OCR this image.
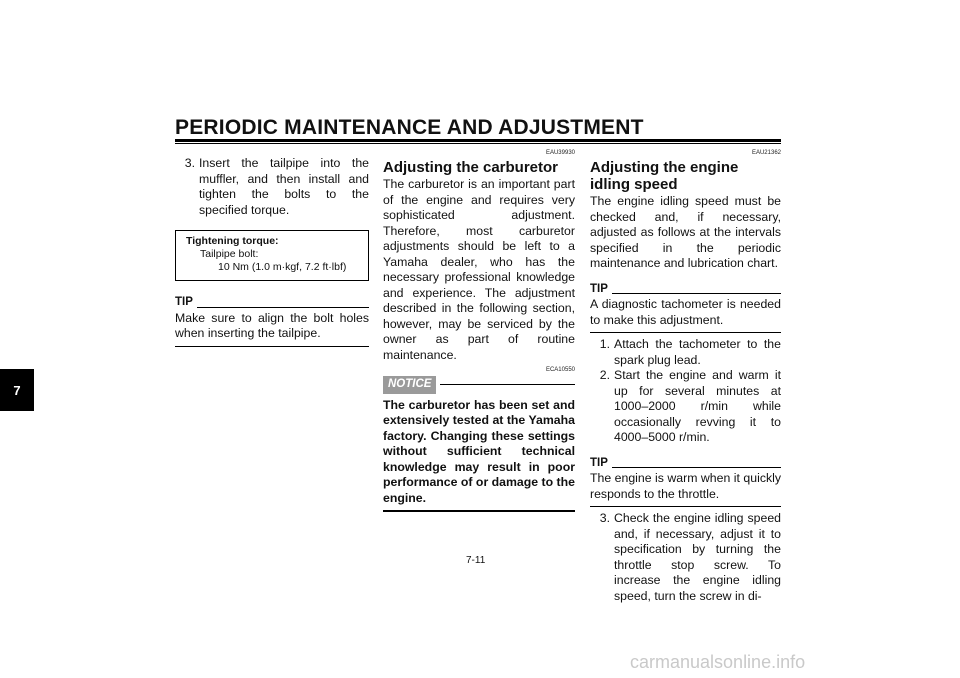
PERIODIC MAINTENANCE AND ADJUSTMENT
7
3. Insert the tailpipe into the muffler, and then install and tighten the bolts to the specified torque.
Tightening torque:
Tailpipe bolt:
10 Nm (1.0 m·kgf, 7.2 ft·lbf)
TIP
Make sure to align the bolt holes when inserting the tailpipe.
EAU39930
Adjusting the carburetor
The carburetor is an important part of the engine and requires very sophisticated adjustment. Therefore, most carburetor adjustments should be left to a Yamaha dealer, who has the necessary professional knowledge and experience. The adjustment described in the following section, however, may be serviced by the owner as part of routine maintenance.
ECA10550
NOTICE
The carburetor has been set and extensively tested at the Yamaha factory. Changing these settings without sufficient technical knowledge may result in poor performance of or damage to the engine.
EAU21362
Adjusting the engine idling speed
The engine idling speed must be checked and, if necessary, adjusted as follows at the intervals specified in the periodic maintenance and lubrication chart.
TIP
A diagnostic tachometer is needed to make this adjustment.
1. Attach the tachometer to the spark plug lead.
2. Start the engine and warm it up for several minutes at 1000–2000 r/min while occasionally revving it to 4000–5000 r/min.
TIP
The engine is warm when it quickly responds to the throttle.
3. Check the engine idling speed and, if necessary, adjust it to specification by turning the throttle stop screw. To increase the engine idling speed, turn the screw in di-
7-11
carmanualsonline.info
